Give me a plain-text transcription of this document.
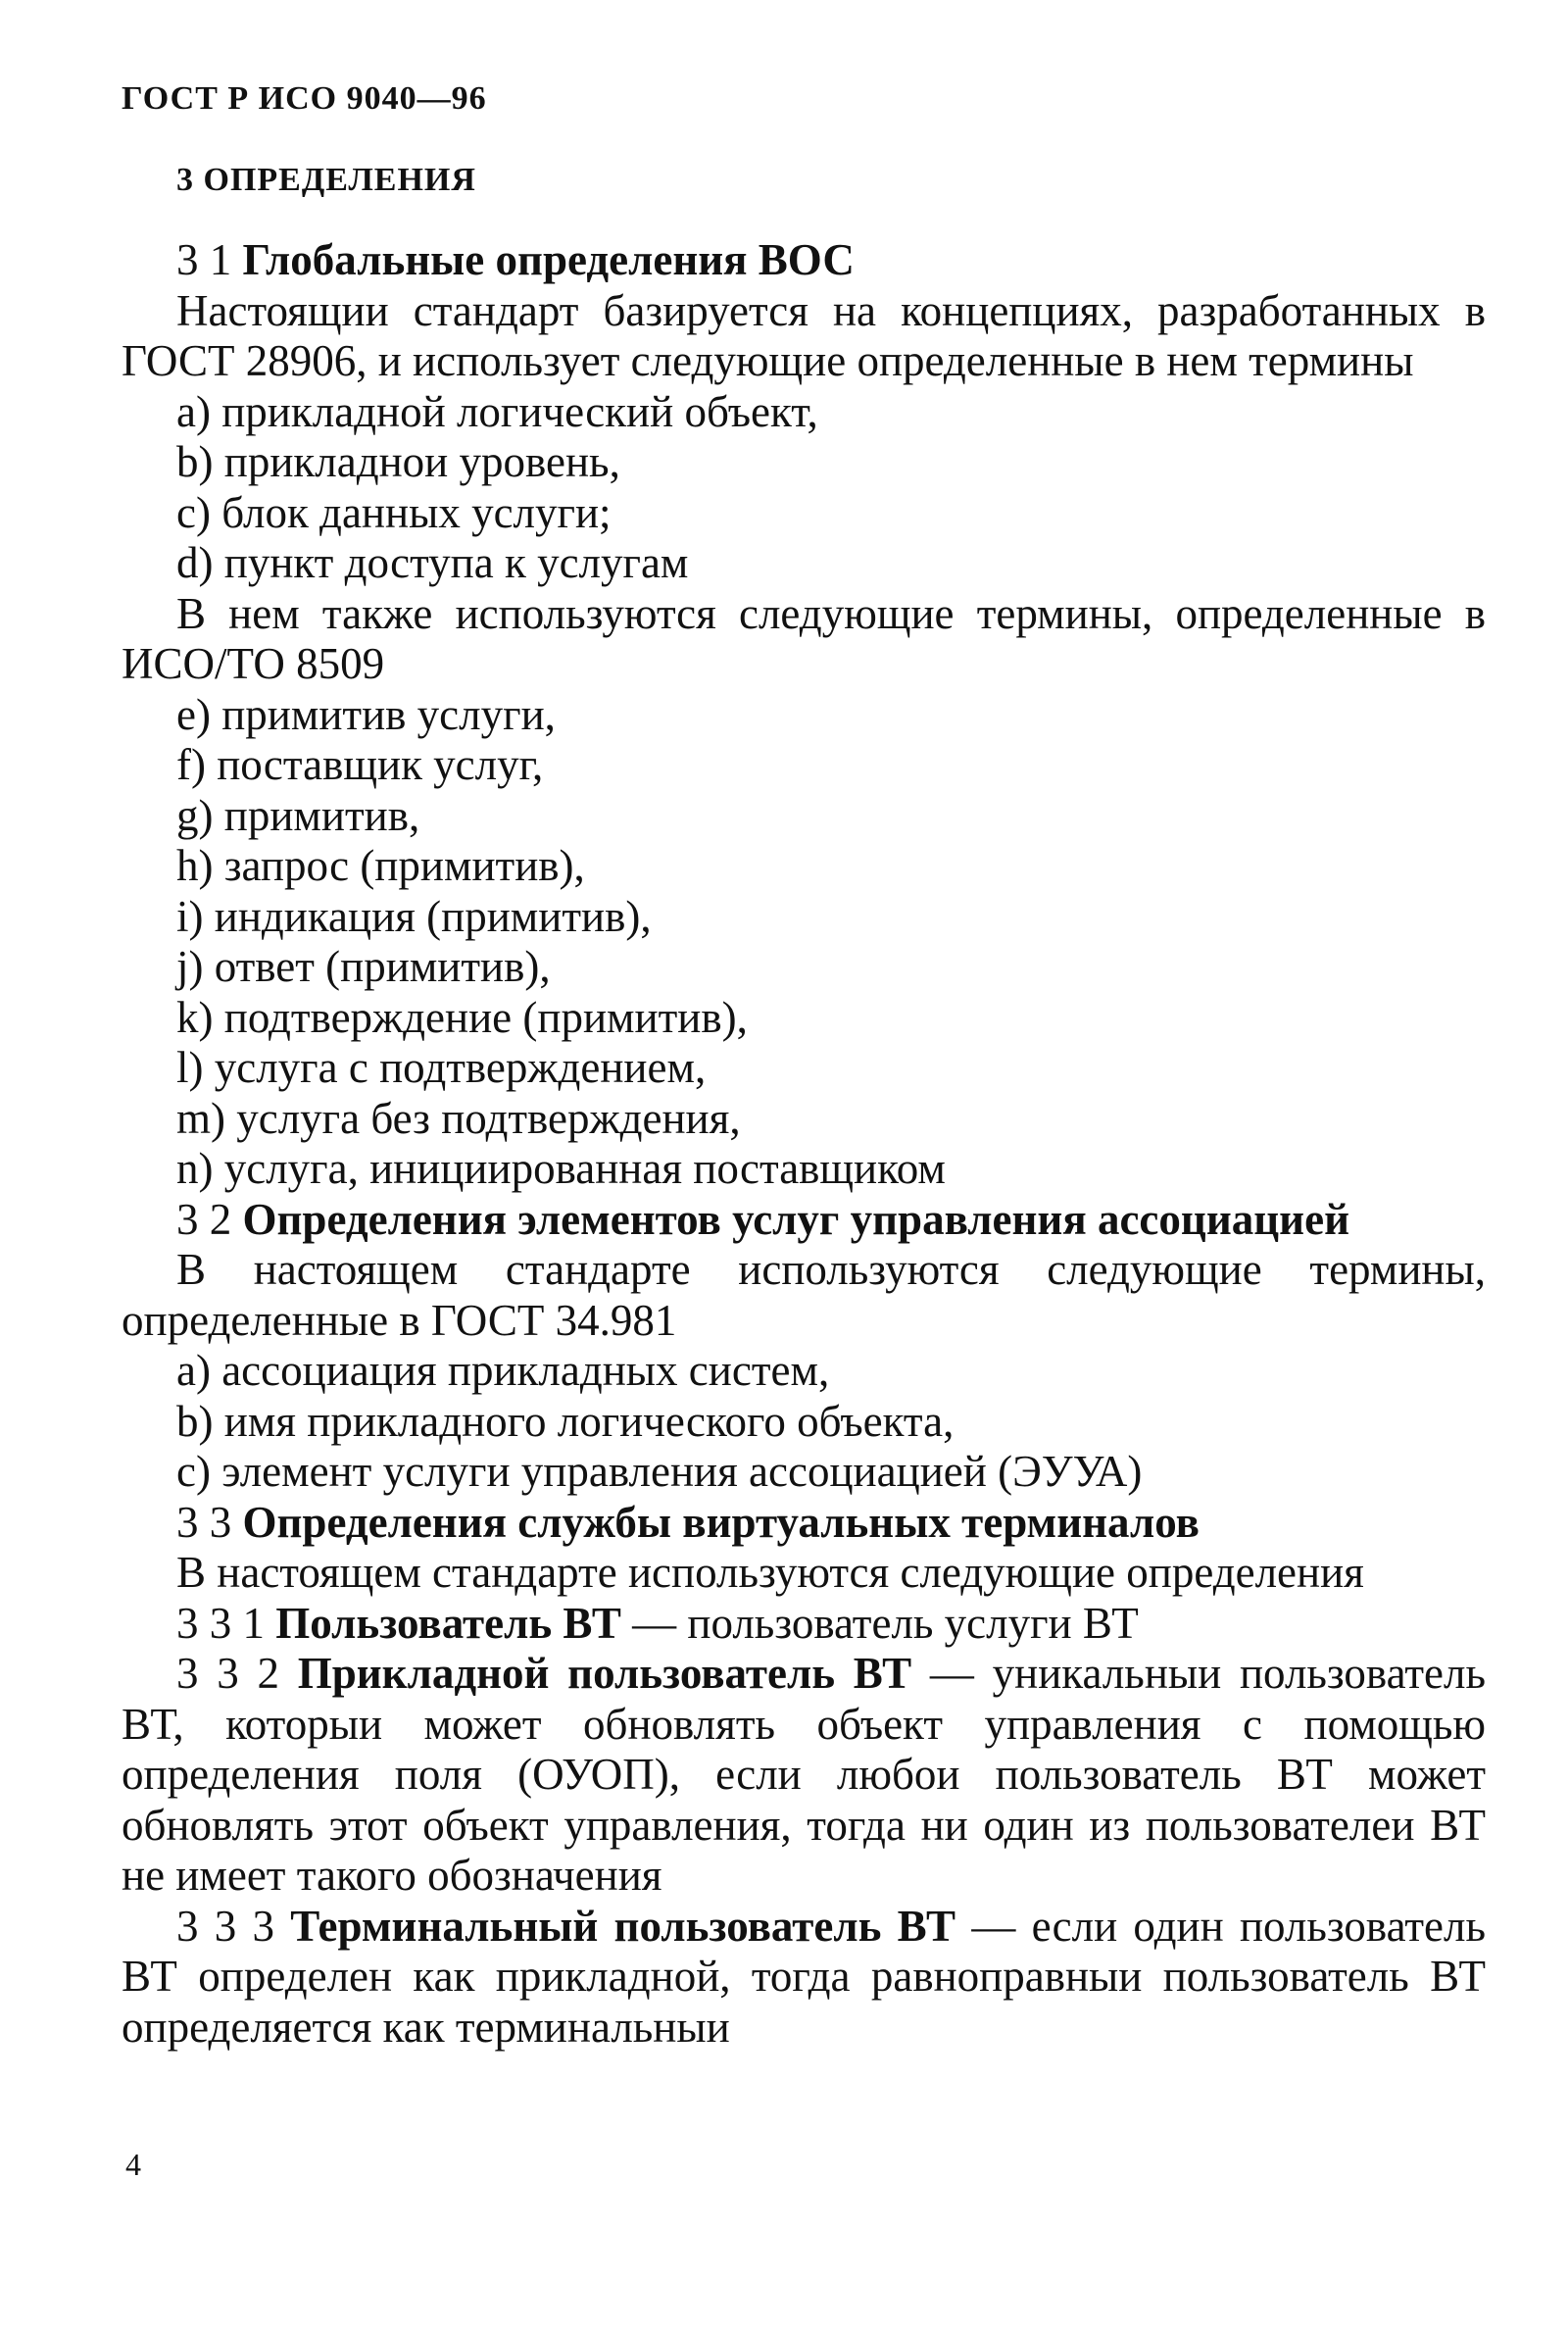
ГОСТ Р ИСО 9040—96
3 ОПРЕДЕЛЕНИЯ
3 1 Глобальные определения ВОС

Настоящии стандарт базируется на концепциях, разработанных в ГОСТ 28906, и использует следующие определенные в нем термины

a) прикладной логический объект,
b) прикладнои уровень,
c) блок данных услуги;
d) пункт доступа к услугам

В нем также используются следующие термины, определенные в ИСО/ТО 8509

e) примитив услуги,
f) поставщик услуг,
g) примитив,
h) запрос (примитив),
i) индикация (примитив),
j) ответ (примитив),
k) подтверждение (примитив),
l) услуга с подтверждением,
m) услуга без подтверждения,
n) услуга, инициированная поставщиком
3 2 Определения элементов услуг управления ассоциацией

В настоящем стандарте используются следующие термины, определенные в ГОСТ 34.981

a) ассоциация прикладных систем,
b) имя прикладного логического объекта,
c) элемент услуги управления ассоциацией (ЭУУА)
3 3 Определения службы виртуальных терминалов

В настоящем стандарте используются следующие определения

3 3 1 Пользователь ВТ — пользователь услуги ВТ

3 3 2 Прикладной пользователь ВТ — уникальныи пользователь ВТ, которыи может обновлять объект управления с помощью определения поля (ОУОП), если любои пользователь ВТ может обновлять этот объект управления, тогда ни один из пользователеи ВТ не имеет такого обозначения

3 3 3 Терминальный пользователь ВТ — если один пользователь ВТ определен как прикладной, тогда равноправныи пользователь ВТ определяется как терминальныи

4
